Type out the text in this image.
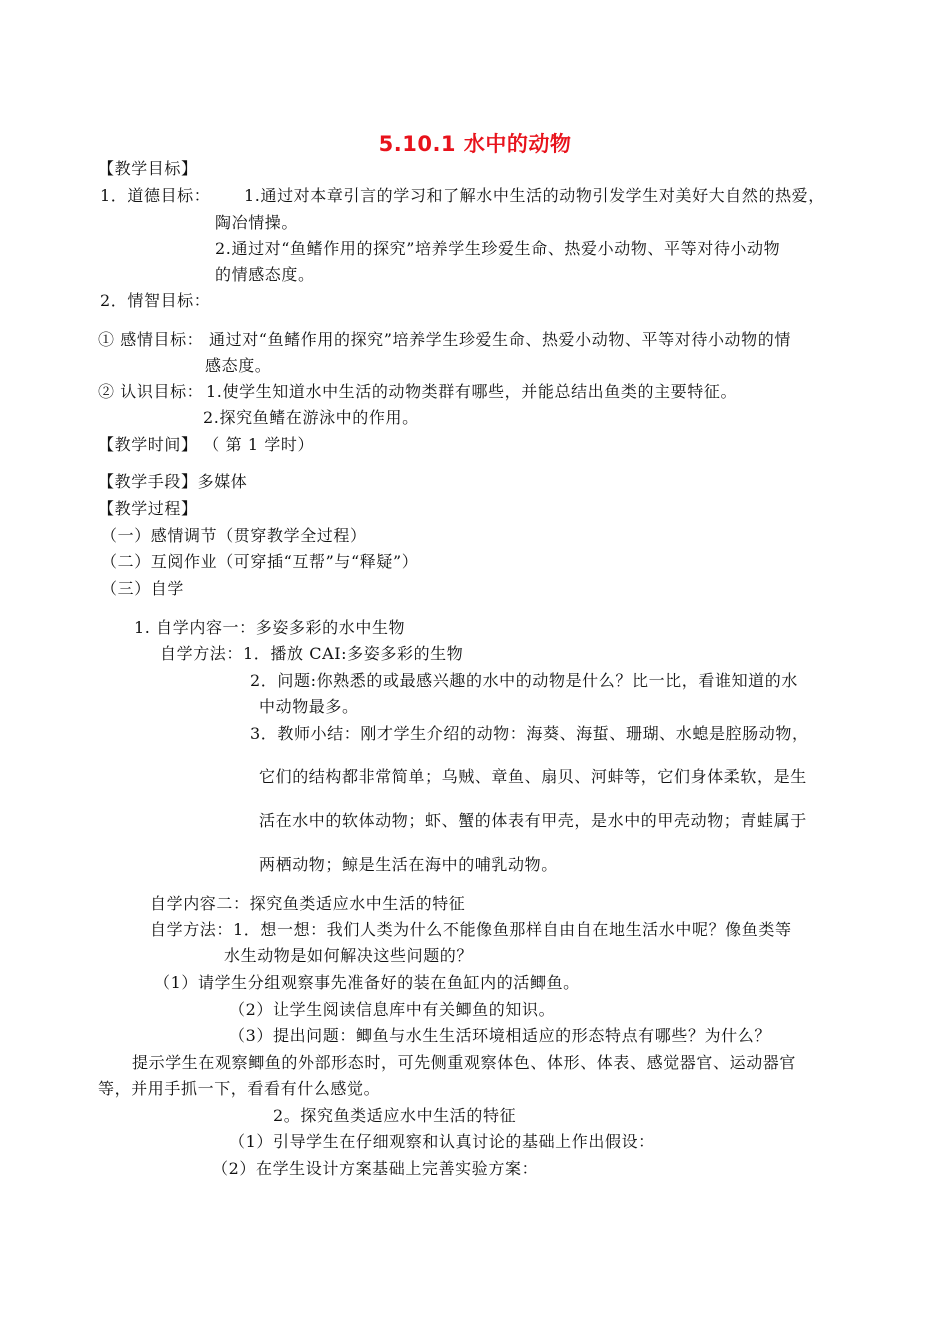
5.10.1 水中的动物
【教学目标】
1．道德目标： 1.通过对本章引言的学习和了解水中生活的动物引发学生对美好大自然的热爱，
陶冶情操。
2.通过对“鱼鳍作用的探究”培养学生珍爱生命、热爱小动物、平等对待小动物
的情感态度。
2．情智目标：
① 感情目标： 通过对“鱼鳍作用的探究”培养学生珍爱生命、热爱小动物、平等对待小动物的情
感态度。
② 认识目标： 1.使学生知道水中生活的动物类群有哪些，并能总结出鱼类的主要特征。
2.探究鱼鳍在游泳中的作用。
【教学时间】 （ 第 1 学时）
【教学手段】多媒体
【教学过程】
（一）感情调节（贯穿教学全过程）
（二）互阅作业（可穿插“互帮”与“释疑”）
（三）自学
1. 自学内容一：多姿多彩的水中生物
自学方法：1．播放 CAI:多姿多彩的生物
2．问题:你熟悉的或最感兴趣的水中的动物是什么？比一比，看谁知道的水
中动物最多。
3．教师小结：刚才学生介绍的动物：海葵、海蜇、珊瑚、水螅是腔肠动物，
它们的结构都非常简单；乌贼、章鱼、扇贝、河蚌等，它们身体柔软，是生
活在水中的软体动物；虾、蟹的体表有甲壳，是水中的甲壳动物；青蛙属于
两栖动物；鲸是生活在海中的哺乳动物。
自学内容二：探究鱼类适应水中生活的特征
自学方法：1．想一想：我们人类为什么不能像鱼那样自由自在地生活水中呢？像鱼类等
水生动物是如何解决这些问题的？
（1）请学生分组观察事先准备好的装在鱼缸内的活鲫鱼。
（2）让学生阅读信息库中有关鲫鱼的知识。
（3）提出问题：鲫鱼与水生生活环境相适应的形态特点有哪些？为什么？
提示学生在观察鲫鱼的外部形态时，可先侧重观察体色、体形、体表、感觉器官、运动器官
等，并用手抓一下，看看有什么感觉。
2。探究鱼类适应水中生活的特征
（1）引导学生在仔细观察和认真讨论的基础上作出假设：
（2）在学生设计方案基础上完善实验方案：
